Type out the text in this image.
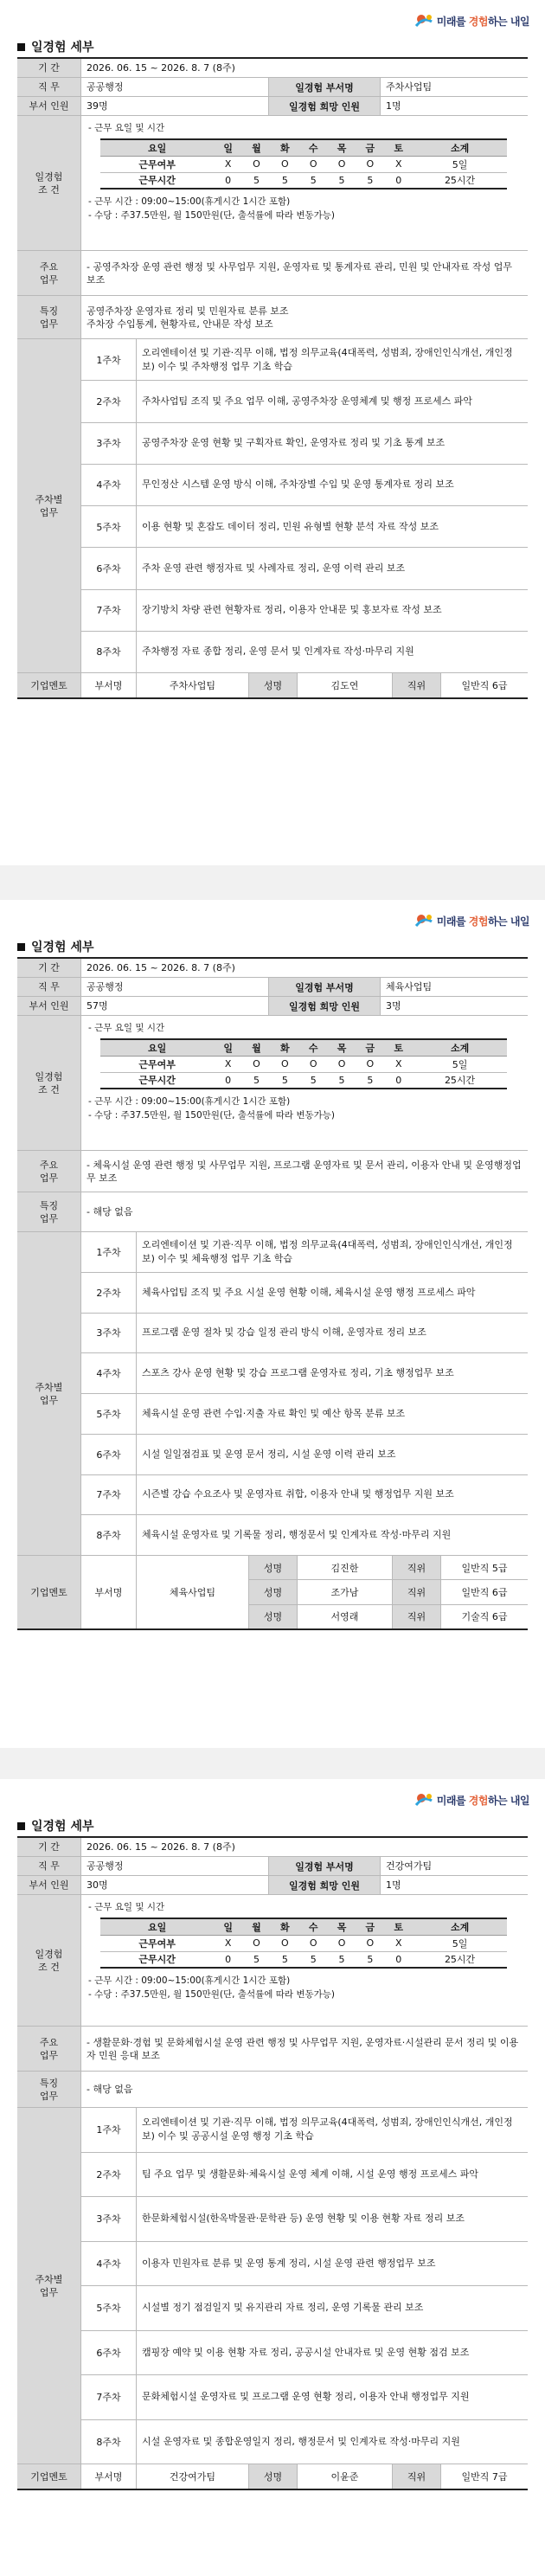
미래를 경험하는 내일
일경험 세부
기 간	2026. 06. 15 ~ 2026. 8. 7 (8주)
직 무	공공행정	일경험 부서명	주차사업팀
부서 인원	39명	일경험 희망 인원	1명
일경험
조 건
- 근무 요일 및 시간
요일	일	월	화	수	목	금	토	소계
근무여부	X	O	O	O	O	O	X	5일
근무시간	0	5	5	5	5	5	0	25시간
- 근무 시간 : 09:00~15:00(휴게시간 1시간 포함)
- 수당 : 주37.5만원, 월 150만원(단, 출석률에 따라 변동가능)
주요
업무
- 공영주차장 운영 관련 행정 및 사무업무 지원, 운영자료 및 통계자료 관리, 민원 및 안내자료 작성 업무 보조
특징
업무
공영주차장 운영자료 정리 및 민원자료 분류 보조
주차장 수입통계, 현황자료, 안내문 작성 보조
주차별
업무
1주차
오리엔테이션 및 기관·직무 이해, 법정 의무교육(4대폭력, 성범죄, 장애인인식개선, 개인정보) 이수 및 주차행정 업무 기초 학습
2주차	주차사업팀 조직 및 주요 업무 이해, 공영주차장 운영체계 및 행정 프로세스 파악
3주차	공영주차장 운영 현황 및 구획자료 확인, 운영자료 정리 및 기초 통계 보조
4주차	무인정산 시스템 운영 방식 이해, 주차장별 수입 및 운영 통계자료 정리 보조
5주차	이용 현황 및 혼잡도 데이터 정리, 민원 유형별 현황 분석 자료 작성 보조
6주차	주차 운영 관련 행정자료 및 사례자료 정리, 운영 이력 관리 보조
7주차	장기방치 차량 관련 현황자료 정리, 이용자 안내문 및 홍보자료 작성 보조
8주차	주차행정 자료 종합 정리, 운영 문서 및 인계자료 작성·마무리 지원
기업멘토	부서명	주차사업팀	성명	김도연	직위	일반직 6급
미래를 경험하는 내일
일경험 세부
기 간	2026. 06. 15 ~ 2026. 8. 7 (8주)
직 무	공공행정	일경험 부서명	체육사업팀
부서 인원	57명	일경험 희망 인원	3명
일경험
조 건
- 근무 요일 및 시간
요일	일	월	화	수	목	금	토	소계
근무여부	X	O	O	O	O	O	X	5일
근무시간	0	5	5	5	5	5	0	25시간
- 근무 시간 : 09:00~15:00(휴게시간 1시간 포함)
- 수당 : 주37.5만원, 월 150만원(단, 출석률에 따라 변동가능)
주요
업무
- 체육시설 운영 관련 행정 및 사무업무 지원, 프로그램 운영자료 및 문서 관리, 이용자 안내 및 운영행정업무 보조
특징
업무
- 해당 없음
주차별
업무
1주차
오리엔테이션 및 기관·직무 이해, 법정 의무교육(4대폭력, 성범죄, 장애인인식개선, 개인정보) 이수 및 체육행정 업무 기초 학습
2주차	체육사업팀 조직 및 주요 시설 운영 현황 이해, 체육시설 운영 행정 프로세스 파악
3주차	프로그램 운영 절차 및 강습 일정 관리 방식 이해, 운영자료 정리 보조
4주차	스포츠 강사 운영 현황 및 강습 프로그램 운영자료 정리, 기초 행정업무 보조
5주차	체육시설 운영 관련 수입·지출 자료 확인 및 예산 항목 분류 보조
6주차	시설 일일점검표 및 운영 문서 정리, 시설 운영 이력 관리 보조
7주차	시즌별 강습 수요조사 및 운영자료 취합, 이용자 안내 및 행정업무 지원 보조
8주차	체육시설 운영자료 및 기록물 정리, 행정문서 및 인계자료 작성·마무리 지원
기업멘토	부서명	체육사업팀
성명	김진한	직위	일반직 5급
성명	조가남	직위	일반직 6급
성명	서영래	직위	기술직 6급
미래를 경험하는 내일
일경험 세부
기 간	2026. 06. 15 ~ 2026. 8. 7 (8주)
직 무	공공행정	일경험 부서명	건강여가팀
부서 인원	30명	일경험 희망 인원	1명
일경험
조 건
- 근무 요일 및 시간
요일	일	월	화	수	목	금	토	소계
근무여부	X	O	O	O	O	O	X	5일
근무시간	0	5	5	5	5	5	0	25시간
- 근무 시간 : 09:00~15:00(휴게시간 1시간 포함)
- 수당 : 주37.5만원, 월 150만원(단, 출석률에 따라 변동가능)
주요
업무
- 생활문화·경험 및 문화체험시설 운영 관련 행정 및 사무업무 지원, 운영자료·시설관리 문서 정리 및 이용자 민원 응대 보조
특징
업무
- 해당 없음
주차별
업무
1주차
오리엔테이션 및 기관·직무 이해, 법정 의무교육(4대폭력, 성범죄, 장애인인식개선, 개인정보) 이수 및 공공시설 운영 행정 기초 학습
2주차	팀 주요 업무 및 생활문화·체육시설 운영 체계 이해, 시설 운영 행정 프로세스 파악
3주차	한문화체험시설(한옥박물관·문학관 등) 운영 현황 및 이용 현황 자료 정리 보조
4주차	이용자 민원자료 분류 및 운영 통계 정리, 시설 운영 관련 행정업무 보조
5주차	시설별 정기 점검일지 및 유지관리 자료 정리, 운영 기록물 관리 보조
6주차	캠핑장 예약 및 이용 현황 자료 정리, 공공시설 안내자료 및 운영 현황 점검 보조
7주차	문화체험시설 운영자료 및 프로그램 운영 현황 정리, 이용자 안내 행정업무 지원
8주차	시설 운영자료 및 종합운영일지 정리, 행정문서 및 인계자료 작성·마무리 지원
기업멘토	부서명	건강여가팀	성명	이윤준	직위	일반직 7급
